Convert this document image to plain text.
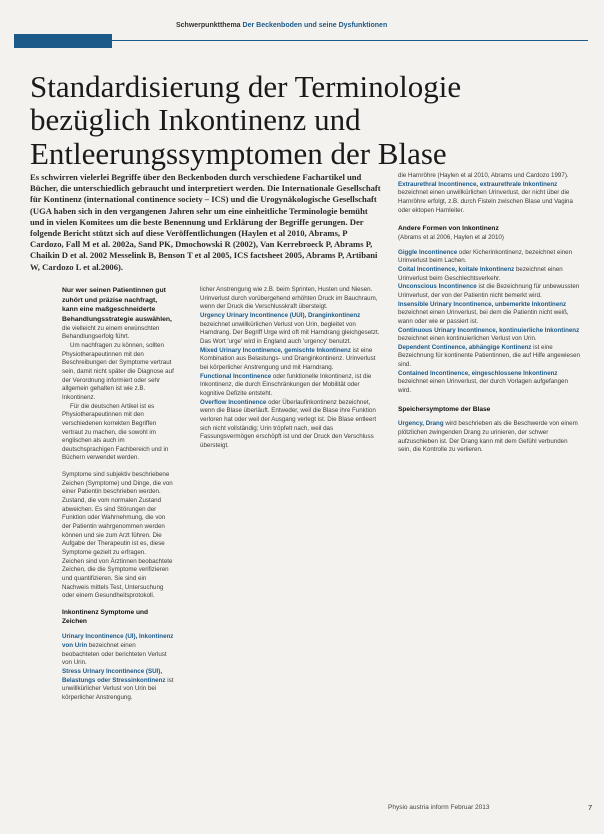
Schwerpunktthema Der Beckenboden und seine Dysfunktionen
Standardisierung der Terminologie bezüglich Inkontinenz und Entleerungssymptomen der Blase
Es schwirren vielerlei Begriffe über den Beckenboden durch verschiedene Fachartikel und Bücher, die unterschiedlich gebraucht und interpretiert werden. Die Internationale Gesellschaft für Kontinenz (international continence society – ICS) und die Urogynäkologische Gesellschaft (UGA haben sich in den vergangenen Jahren sehr um eine einheitliche Terminologie bemüht und in vielen Komitees um die beste Benennung und Erklärung der Begriffe gerungen. Der folgende Bericht stützt sich auf diese Veröffentlichungen (Haylen et al 2010, Abrams, P Cardozo, Fall M et al. 2002a, Sand PK, Dmochowski R (2002), Van Kerrebroeck P, Abrams P, Chaikin D et al. 2002 Messelink B, Benson T et al 2005, ICS factsheet 2005, Abrams P, Artibani W, Cardozo L et al.2006).

Nur wer seinen Patientinnen gut zuhört und präzise nachfragt, kann eine maßgeschneiderte Behandlungsstrategie auswählen, die vielleicht zu einem erwünschten Behandlungserfolg führt.

Um nachfragen zu können, sollten Physiotherapeutinnen mit den Beschreibungen der Symptome vertraut sein, damit nicht später die Diagnose auf der Verordnung informiert oder sehr allgemein gehalten ist wie z.B. Inkontinenz.

Für die deutschen Artikel ist es Physiotherapeutinnen mit den verschiedenen korrekten Begriffen vertraut zu machen, die sowohl im englischen als auch im deutschsprachigen Fachbereich und in Büchern verwendet werden.

Symptome sind subjektiv beschriebene Zeichen (Symptome) und Dinge, die von einer Patientin beschrieben werden. Zustand, die vom normalen Zustand abweichen. Es sind Störungen der Funktion oder Wahrnehmung, die von der Patientin wahrgenommen werden können und sie zum Arzt führen. Die Aufgabe der Therapeutin ist es, diese Symptome gezielt zu erfragen.

Zeichen sind von Ärztinnen beobachtete Zeichen, die die Symptome verifizieren und quantifizieren. Sie sind ein Nachweis mittels Test, Untersuchung oder einem Gesundheitsprotokoll.

Inkontinenz Symptome und Zeichen

Urinary Incontinence (UI), Inkontinenz von Urin bezeichnet einen beobachteten oder berichteten Verlust von Urin.

Stress Urinary Incontinence (SUI), Belastungs oder Stressinkontinenz ist unwillkürlicher Verlust von Urin bei körperlicher Anstrengung.

licher Anstrengung wie z.B. beim Sprinten, Husten und Niesen. Urinverlust durch vorübergehend erhöhten Druck im Bauchraum, wenn der Druck die Verschlusskraft übersteigt.

Urgency Urinary Incontinence (UUI), Dranginkontinenz bezeichnet unwillkürlichen Verlust von Urin, begleitet von Harndrang. Der Begriff Urge wird oft mit Harndrang gleichgesetzt. Das Wort 'urge' wird in England auch 'urgency' benutzt.

Mixed Urinary Incontinence, gemischte Inkontinenz ist eine Kombination aus Belastungs- und Dranginkontinenz. Urinverlust bei körperlicher Anstrengung und mit Harndrang.

Functional Incontinence oder funktionelle Inkontinenz, ist die Inkontinenz, die durch Einschränkungen der Mobilität oder kognitive Defizite entsteht.

Overflow Incontinence oder Überlaufinkontinenz bezeichnet, wenn die Blase überläuft. Entweder, weil die Blase ihre Funktion verloren hat oder weil der Ausgang verlegt ist. Die Blase entleert sich nicht vollständig; Urin tröpfelt nach, weil das Fassungsvermögen erschöpft ist und der Druck den Verschluss übersteigt.

die Harnröhre (Haylen et al 2010, Abrams und Cardozo 1997).

Extraurethral Incontinence, extraurethrale Inkontinenz bezeichnet einen unwillkürlichen Urinverlust, der nicht über die Harnröhre erfolgt, z.B. durch Fisteln zwischen Blase und Vagina oder ektopen Harnleiter.

Andere Formen von Inkontinenz

(Abrams et al 2006, Haylen et al 2010)

Giggle Incontinence oder Kicherinkontinenz, bezeichnet einen Urinverlust beim Lachen.

Coital Incontinence, koitale Inkontinenz bezeichnet einen Urinverlust beim Geschlechtsverkehr.

Unconscious Incontinence ist die Bezeichnung für unbewussten Urinverlust, der von der Patientin nicht bemerkt wird.

Insensible Urinary Incontinence, unbemerkte Inkontinenz bezeichnet einen Urinverlust, bei dem die Patientin nicht weiß, wann oder wie er passiert ist.

Continuous Urinary Incontinence, kontinuierliche Inkontinenz bezeichnet einen kontinuierlichen Verlust von Urin.

Dependent Continence, abhängige Kontinenz ist eine Bezeichnung für kontinente Patientinnen, die auf Hilfe angewiesen sind.

Contained Incontinence, eingeschlossene Inkontinenz bezeichnet einen Urinverlust, der durch Vorlagen aufgefangen wird.

Speichersymptome der Blase

Urgency, Drang wird beschrieben als die Beschwerde von einem plötzlichen zwingenden Drang zu urinieren, der schwer aufzuschieben ist. Der Drang kann mit dem Gefühl verbunden sein, die Kontrolle zu verlieren.

Physio austria inform Februar 2013	7
